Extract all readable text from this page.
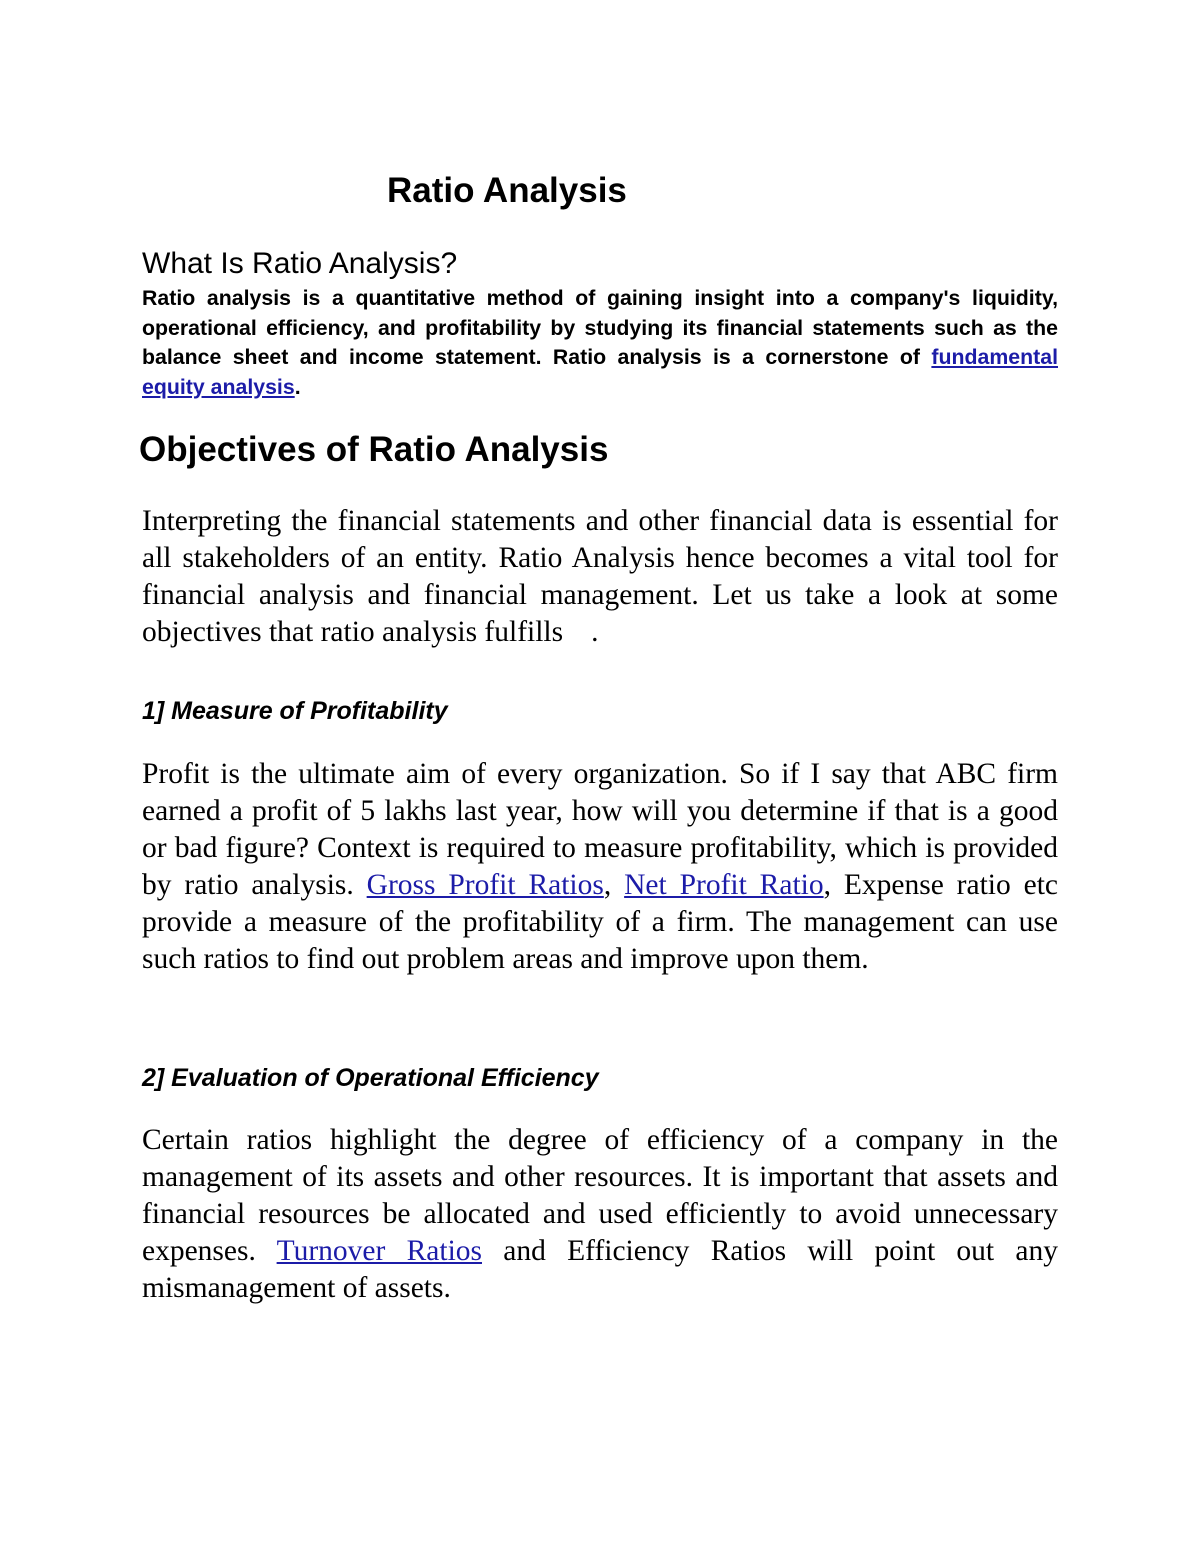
Ratio Analysis
What Is Ratio Analysis?

Ratio analysis is a quantitative method of gaining insight into a company's liquidity, operational efficiency, and profitability by studying its financial statements such as the balance sheet and income statement. Ratio analysis is a cornerstone of fundamental equity analysis.

Objectives of Ratio Analysis

Interpreting the financial statements and other financial data is essential for all stakeholders of an entity. Ratio Analysis hence becomes a vital tool for financial analysis and financial management. Let us take a look at some objectives that ratio analysis fulfills .

1] Measure of Profitability

Profit is the ultimate aim of every organization. So if I say that ABC firm earned a profit of 5 lakhs last year, how will you determine if that is a good or bad figure? Context is required to measure profitability, which is provided by ratio analysis. Gross Profit Ratios, Net Profit Ratio, Expense ratio etc provide a measure of the profitability of a firm. The management can use such ratios to find out problem areas and improve upon them.

2] Evaluation of Operational Efficiency

Certain ratios highlight the degree of efficiency of a company in the management of its assets and other resources. It is important that assets and financial resources be allocated and used efficiently to avoid unnecessary expenses. Turnover Ratios and Efficiency Ratios will point out any mismanagement of assets.
